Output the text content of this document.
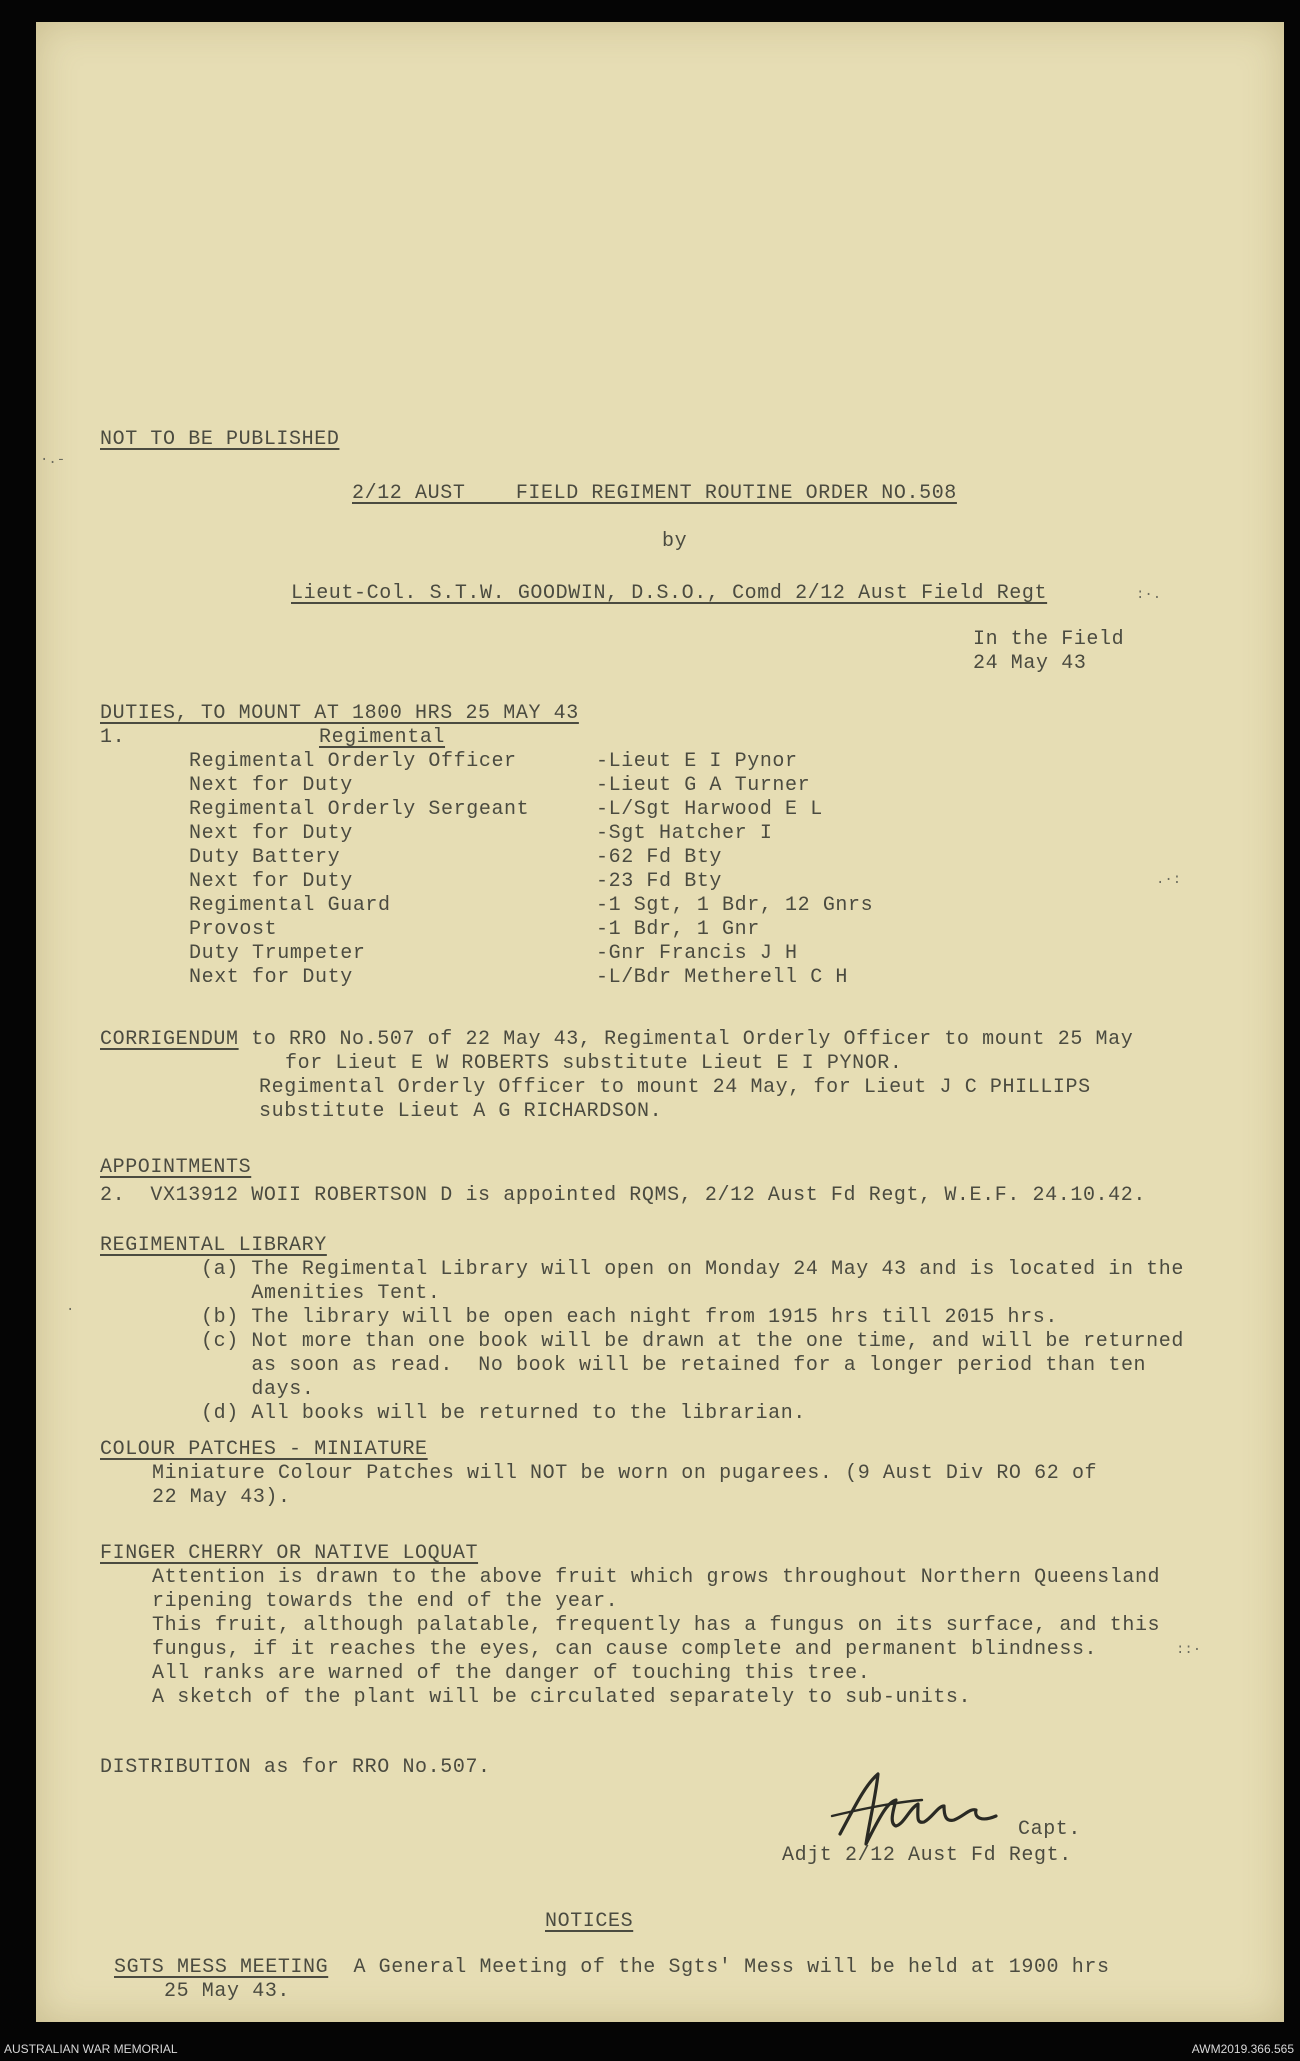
NOT TO BE PUBLISHED
2/12 AUST    FIELD REGIMENT ROUTINE ORDER NO.508
by
Lieut-Col. S.T.W. GOODWIN, D.S.O., Comd 2/12 Aust Field Regt
In the Field
24 May 43
DUTIES, TO MOUNT AT 1800 HRS 25 MAY 43
1.	Regimental
Regimental Orderly Officer	-Lieut E I Pynor
Next for Duty	-Lieut G A Turner
Regimental Orderly Sergeant	-L/Sgt Harwood E L
Next for Duty	-Sgt Hatcher I
Duty Battery	-62 Fd Bty
Next for Duty	-23 Fd Bty
Regimental Guard	-1 Sgt, 1 Bdr, 12 Gnrs
Provost	-1 Bdr, 1 Gnr
Duty Trumpeter	-Gnr Francis J H
Next for Duty	-L/Bdr Metherell C H
CORRIGENDUM to RRO No.507 of 22 May 43, Regimental Orderly Officer to mount 25 May
for Lieut E W ROBERTS substitute Lieut E I PYNOR.
Regimental Orderly Officer to mount 24 May, for Lieut J C PHILLIPS
substitute Lieut A G RICHARDSON.
APPOINTMENTS
2.  VX13912 WOII ROBERTSON D is appointed RQMS, 2/12 Aust Fd Regt, W.E.F. 24.10.42.
REGIMENTAL LIBRARY
(a) The Regimental Library will open on Monday 24 May 43 and is located in the
Amenities Tent.
(b) The library will be open each night from 1915 hrs till 2015 hrs.
(c) Not more than one book will be drawn at the one time, and will be returned
as soon as read.  No book will be retained for a longer period than ten
days.
(d) All books will be returned to the librarian.
COLOUR PATCHES - MINIATURE
Miniature Colour Patches will NOT be worn on pugarees. (9 Aust Div RO 62 of
22 May 43).
FINGER CHERRY OR NATIVE LOQUAT
Attention is drawn to the above fruit which grows throughout Northern Queensland
ripening towards the end of the year.
This fruit, although palatable, frequently has a fungus on its surface, and this
fungus, if it reaches the eyes, can cause complete and permanent blindness.
All ranks are warned of the danger of touching this tree.
A sketch of the plant will be circulated separately to sub-units.
DISTRIBUTION as for RRO No.507.
Capt.
Adjt 2/12 Aust Fd Regt.
NOTICES
SGTS MESS MEETING A General Meeting of the Sgts' Mess will be held at 1900 hrs
25 May 43.
·.-
:·.
.·:
::·
·
AUSTRALIAN WAR MEMORIAL	AWM2019.366.565
